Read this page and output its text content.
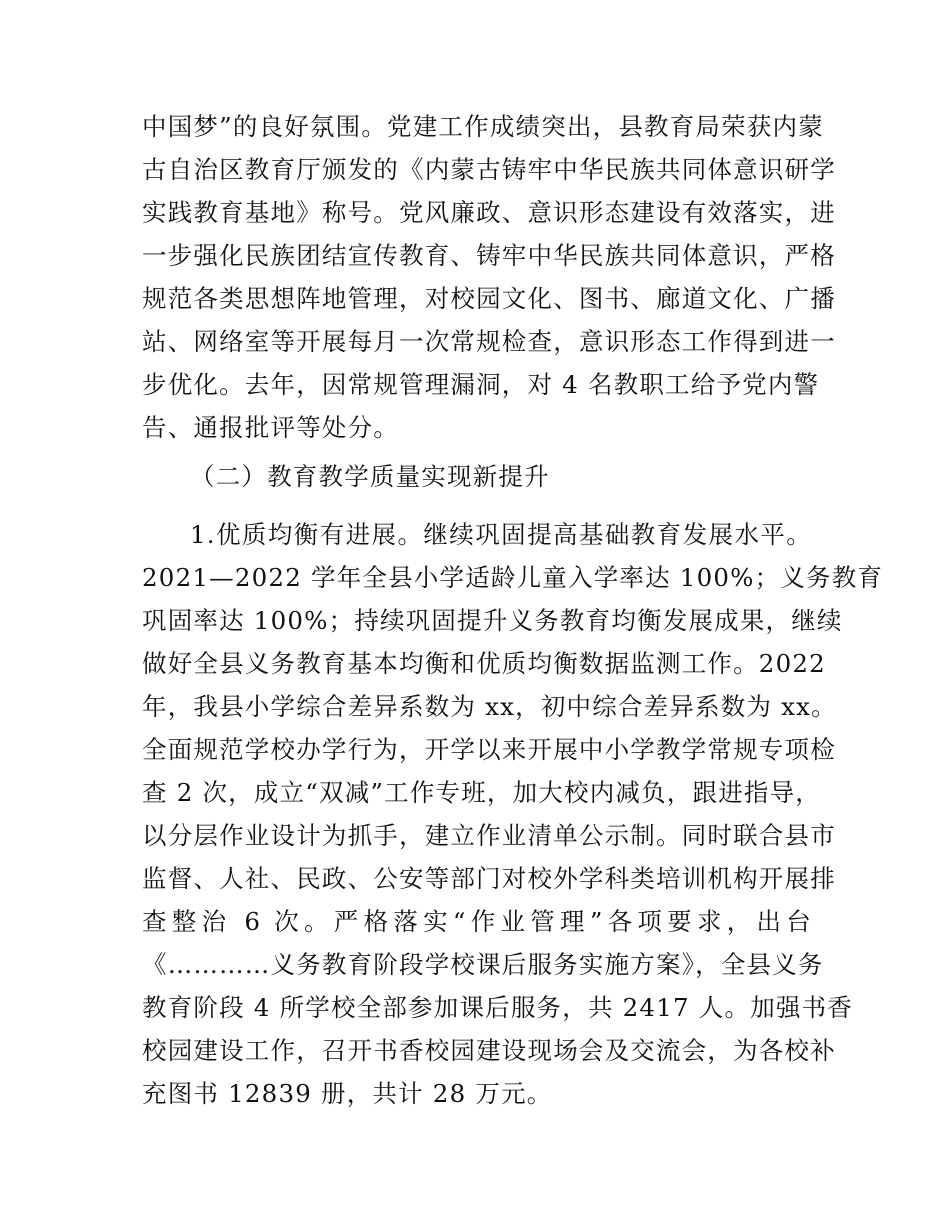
中国梦”的良好氛围。党建工作成绩突出，县教育局荣获内蒙
古自治区教育厅颁发的《内蒙古铸牢中华民族共同体意识研学
实践教育基地》称号。党风廉政、意识形态建设有效落实，进
一步强化民族团结宣传教育、铸牢中华民族共同体意识，严格
规范各类思想阵地管理，对校园文化、图书、廊道文化、广播
站、网络室等开展每月一次常规检查，意识形态工作得到进一
步优化。去年，因常规管理漏洞，对 4 名教职工给予党内警
告、通报批评等处分。
（二）教育教学质量实现新提升
1.优质均衡有进展。继续巩固提高基础教育发展水平。
2021—2022 学年全县小学适龄儿童入学率达 100%；义务教育
巩固率达 100%；持续巩固提升义务教育均衡发展成果，继续
做好全县义务教育基本均衡和优质均衡数据监测工作。2022
年，我县小学综合差异系数为 xx，初中综合差异系数为 xx。
全面规范学校办学行为，开学以来开展中小学教学常规专项检
查 2 次，成立“双减”工作专班，加大校内减负，跟进指导，
以分层作业设计为抓手，建立作业清单公示制。同时联合县市
监督、人社、民政、公安等部门对校外学科类培训机构开展排
查整治 6 次。严格落实“作业管理”各项要求，出台
《…………义务教育阶段学校课后服务实施方案》，全县义务
教育阶段 4 所学校全部参加课后服务，共 2417 人。加强书香
校园建设工作，召开书香校园建设现场会及交流会，为各校补
充图书 12839 册，共计 28 万元。
